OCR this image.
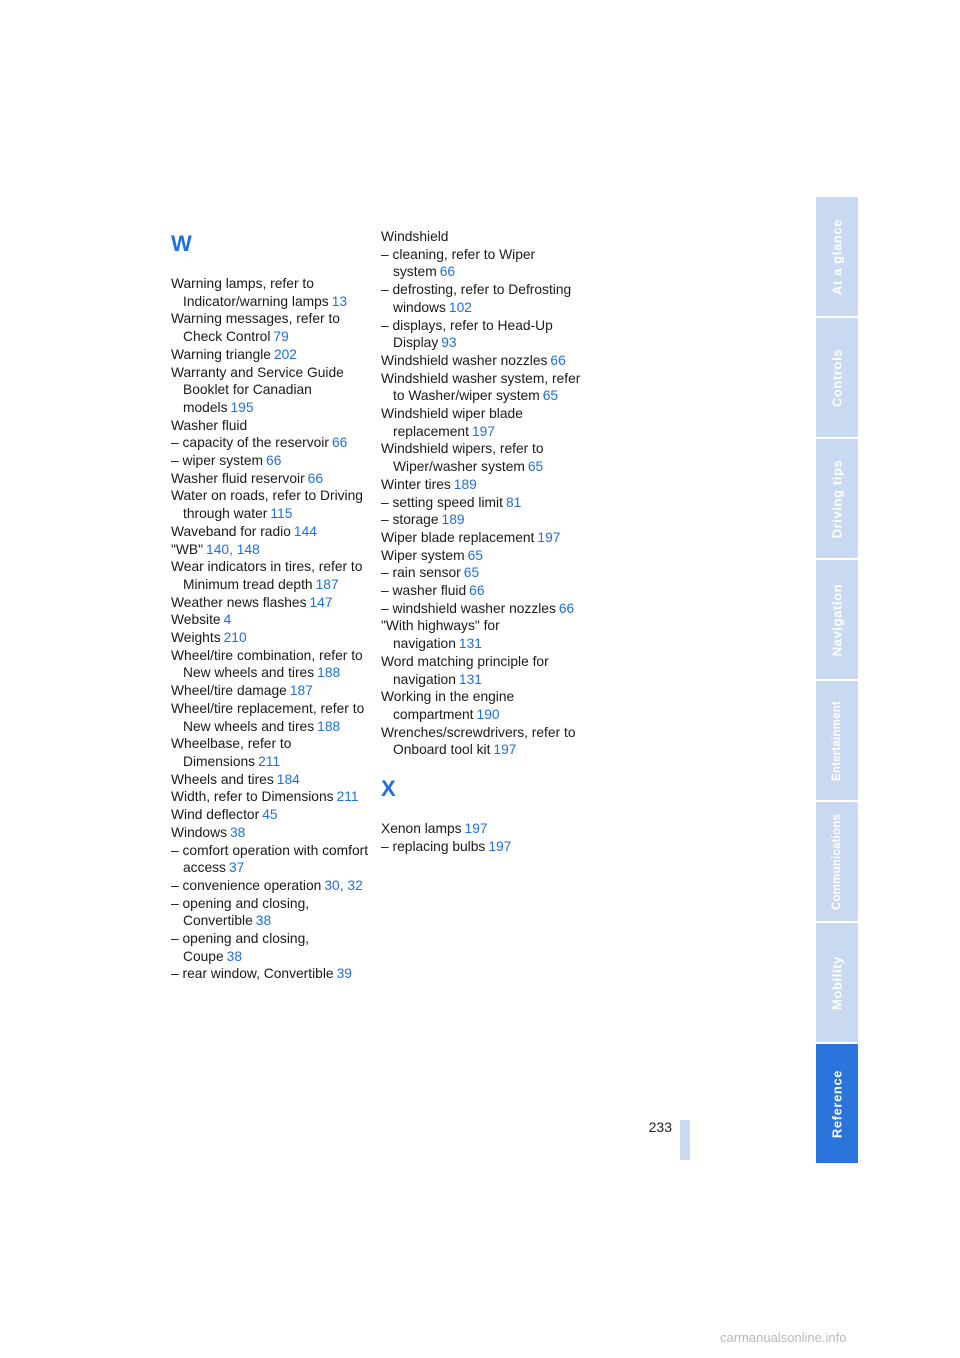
W
Warning lamps, refer to Indicator/warning lamps 13
Warning messages, refer to Check Control 79
Warning triangle 202
Warranty and Service Guide Booklet for Canadian models 195
Washer fluid
– capacity of the reservoir 66
– wiper system 66
Washer fluid reservoir 66
Water on roads, refer to Driving through water 115
Waveband for radio 144
"WB" 140, 148
Wear indicators in tires, refer to Minimum tread depth 187
Weather news flashes 147
Website 4
Weights 210
Wheel/tire combination, refer to New wheels and tires 188
Wheel/tire damage 187
Wheel/tire replacement, refer to New wheels and tires 188
Wheelbase, refer to Dimensions 211
Wheels and tires 184
Width, refer to Dimensions 211
Wind deflector 45
Windows 38
– comfort operation with comfort access 37
– convenience operation 30, 32
– opening and closing, Convertible 38
– opening and closing, Coupe 38
– rear window, Convertible 39
Windshield
– cleaning, refer to Wiper system 66
– defrosting, refer to Defrosting windows 102
– displays, refer to Head-Up Display 93
Windshield washer nozzles 66
Windshield washer system, refer to Washer/wiper system 65
Windshield wiper blade replacement 197
Windshield wipers, refer to Wiper/washer system 65
Winter tires 189
– setting speed limit 81
– storage 189
Wiper blade replacement 197
Wiper system 65
– rain sensor 65
– washer fluid 66
– windshield washer nozzles 66
"With highways" for navigation 131
Word matching principle for navigation 131
Working in the engine compartment 190
Wrenches/screwdrivers, refer to Onboard tool kit 197
X
Xenon lamps 197
– replacing bulbs 197
At a glance
Controls
Driving tips
Navigation
Entertainment
Communications
Mobility
Reference
233
carmanualsonline.info
